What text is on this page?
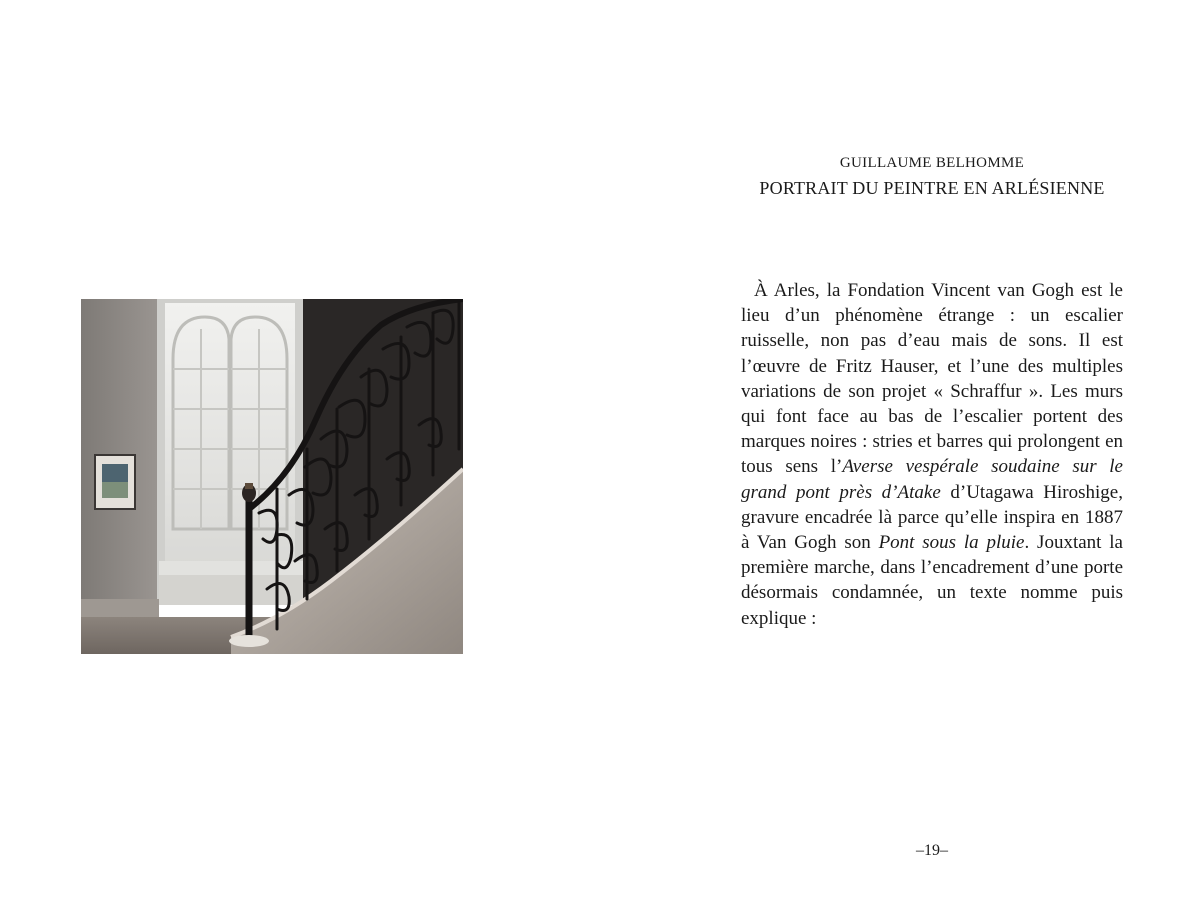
GUILLAUME BELHOMME
PORTRAIT DU PEINTRE EN ARLÉSIENNE

À Arles, la Fondation Vincent van Gogh est le lieu d’un phénomène étrange : un escalier ruisselle, non pas d’eau mais de sons. Il est l’œuvre de Fritz Hauser, et l’une des multiples variations de son projet « Schraffur ». Les murs qui font face au bas de l’escalier portent des marques noires : stries et barres qui prolongent en tous sens l’Averse vespérale soudaine sur le grand pont près d’Atake d’Utagawa Hiroshige, gravure encadrée là parce qu’elle inspira en 1887 à Van Gogh son Pont sous la pluie. Jouxtant la première marche, dans l’encadrement d’une porte désormais condamnée, un texte nomme puis explique :

–19–
